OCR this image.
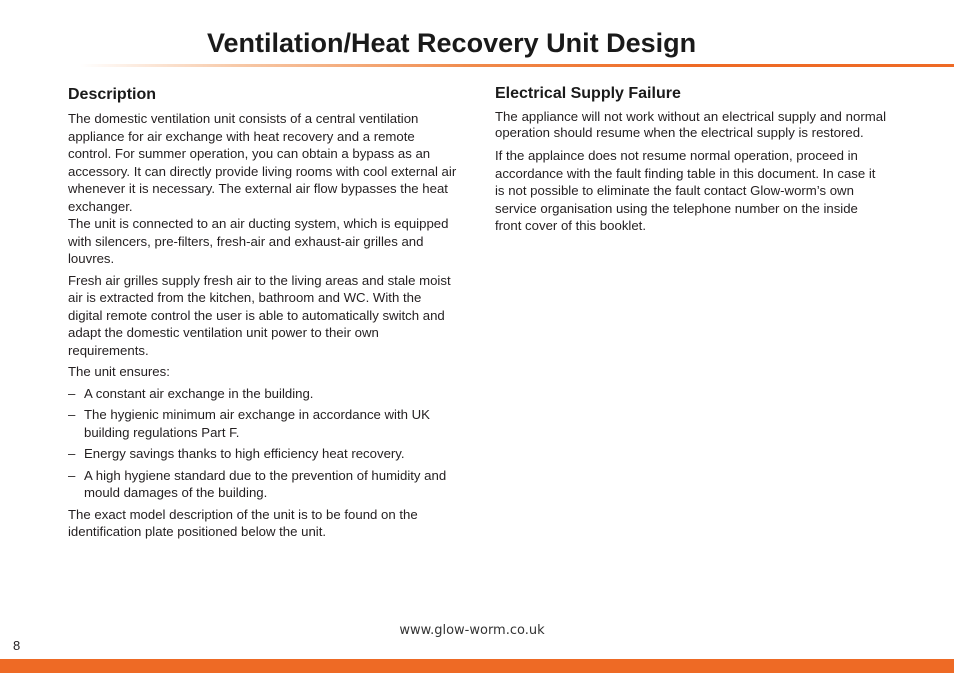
Ventilation/Heat Recovery Unit Design
Description

The domestic ventilation unit consists of a central ventilation appliance for air exchange with heat recovery and a remote control. For summer operation, you can obtain a bypass as an accessory. It can directly provide living rooms with cool external air whenever it is necessary. The external air flow bypasses the heat exchanger.

The unit is connected to an air ducting system, which is equipped with silencers, pre-filters, fresh-air and exhaust-air grilles and louvres.

Fresh air grilles supply fresh air to the living areas and stale moist air is extracted from the kitchen, bathroom and WC. With the digital remote control the user is able to automatically switch and adapt the domestic ventilation unit power to their own requirements.

The unit ensures:

– A constant air exchange in the building.
– The hygienic minimum air exchange in accordance with UK building regulations Part F.
– Energy savings thanks to high efficiency heat recovery.
– A high hygiene standard due to the prevention of humidity and mould damages of the building.

The exact model description of the unit is to be found on the identification plate positioned below the unit.

Electrical Supply Failure

The appliance will not work without an electrical supply and normal operation should resume when the electrical supply is restored.

If the applaince does not resume normal operation, proceed in accordance with the fault finding table in this document. In case it is not possible to eliminate the fault contact Glow-worm’s own service organisation using the telephone number on the inside front cover of this booklet.

www.glow-worm.co.uk
8
